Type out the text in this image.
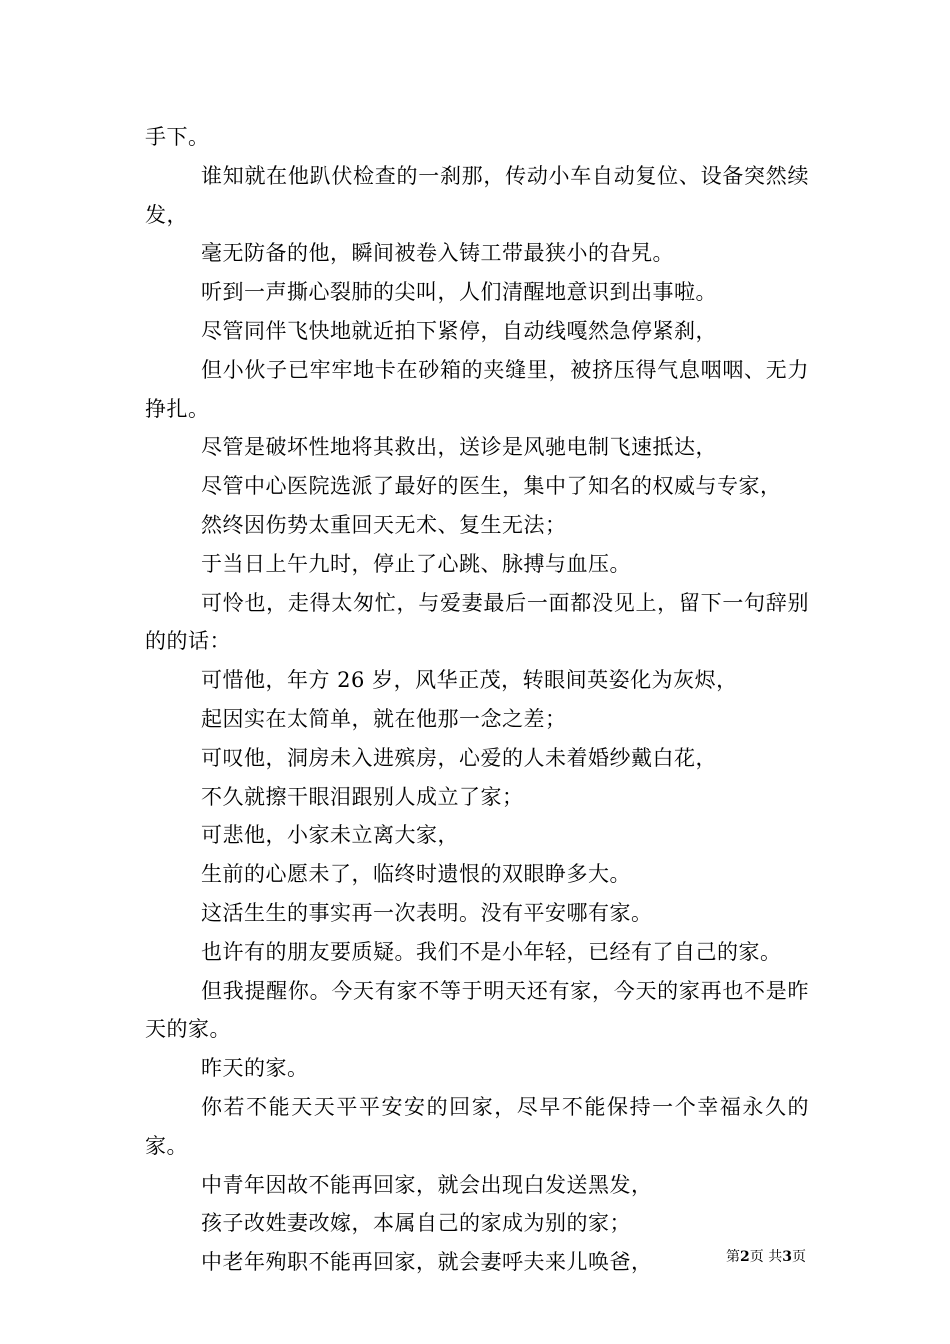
手下。

谁知就在他趴伏检查的一刹那，传动小车自动复位、设备突然续发，

毫无防备的他，瞬间被卷入铸工带最狭小的旮旯。

听到一声撕心裂肺的尖叫，人们清醒地意识到出事啦。

尽管同伴飞快地就近拍下紧停，自动线嘎然急停紧刹，

但小伙子已牢牢地卡在砂箱的夹缝里，被挤压得气息咽咽、无力挣扎。

尽管是破坏性地将其救出，送诊是风驰电制飞速抵达，

尽管中心医院选派了最好的医生，集中了知名的权威与专家，

然终因伤势太重回天无术、复生无法；

于当日上午九时，停止了心跳、脉搏与血压。

可怜也，走得太匆忙，与爱妻最后一面都没见上，留下一句辞别的的话：

可惜他，年方 26 岁，风华正茂，转眼间英姿化为灰烬，

起因实在太简单，就在他那一念之差；

可叹他，洞房未入进殡房，心爱的人未着婚纱戴白花，

不久就擦干眼泪跟别人成立了家；

可悲他，小家未立离大家，

生前的心愿未了，临终时遗恨的双眼睁多大。

这活生生的事实再一次表明。没有平安哪有家。

也许有的朋友要质疑。我们不是小年轻，已经有了自己的家。

但我提醒你。今天有家不等于明天还有家，今天的家再也不是昨天的家。

昨天的家。

你若不能天天平平安安的回家，尽早不能保持一个幸福永久的家。

中青年因故不能再回家，就会出现白发送黑发，

孩子改姓妻改嫁，本属自己的家成为别的家；

中老年殉职不能再回家，就会妻呼夫来儿唤爸，	第2页 共3页
